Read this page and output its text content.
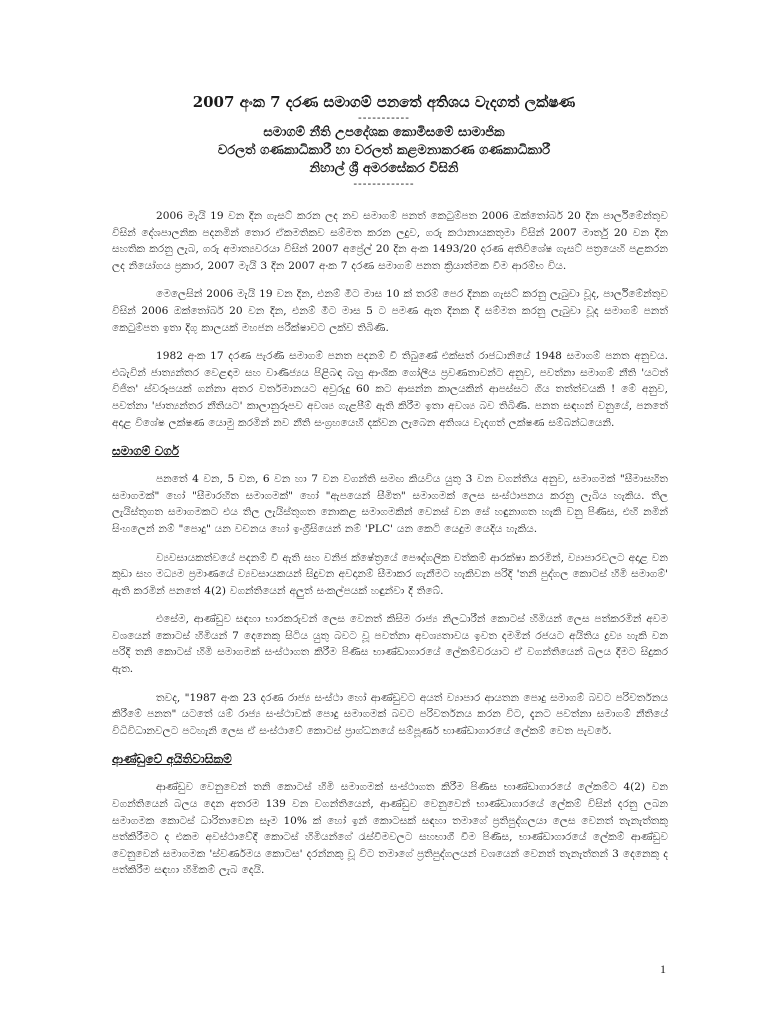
2007 අංක 7 දරණ සමාගම් පනතේ අතිශය වැදගත් ලක්ෂණ

-----------

සමාගම් නීති උපදේශක කොමිසමේ සාමාජික

වරලත් ගණකාධිකාරී හා වරලත් කළමනාකරණ ගණකාධිකාරී

නිහාල් ශ්‍රී අමරසේකර විසිනි

-------------

2006 මැයි 19 වන දින ගැසට් කරන ලද නව සමාගම් පනත් කෙටුම්පත 2006 ඔක්තෝබර් 20 දින පාර්ලිමේන්තුව විසින් දේශපාලනික පදනමින් තොර ඒකමතිකව සම්මත කරන ලදුව, ගරු කථානායකතුමා විසින් 2007 මාර්තු 20 වන දින සහතික කරනු ලැබ, ගරු අමාත්‍යවරයා විසින් 2007 අප්‍රේල් 20 දින අංක 1493/20 දරණ අතිවිශේෂ ගැසට් පත්‍රයෙහි පළකරන ලද නියෝගය ප්‍රකාර, 2007 මැයි 3 දින 2007 අංක 7 දරණ සමාගම් පනත ක්‍රියාත්මක වීම ආරම්භ විය.

මෙලෙසින් 2006 මැයි 19 වන දින, එනම් මීට මාස 10 ක් තරම් පෙර දිනක ගැසට් කරනු ලැබුවා වූද, පාර්ලිමේන්තුව විසින් 2006 ඔක්තෝබර් 20 වන දින, එනම් මීට මාස 5 ට පමණ ඇත දිනක දී සම්මත කරනු ලැබුවා වූද සමාගම් පනත් කෙටුම්පත ඉතා දිගු කාලයක් මහජන පරීක්ෂාවට ලක්ව තිබිණි.

1982 අංක 17 දරණ පැරණි සමාගම් පනත පදනම් වී තිබුණේ එක්සත් රාජධානියේ 1948 සමාගම් පනත අනුවය. එබැවින් ජාත්‍යන්තර වෙළඳාම සහ වාණිජ්‍යය පිළිබඳ බහු ආංශික ගෝලීය ප්‍රවණතාවන්ට අනුව, පවත්නා සමාගම් නීති 'යටත් විජිත' ස්වරූපයක් ගන්නා අතර වර්තමානයට අවුරුදු 60 කට ආසන්න කාලයකින් ආපස්සට ගිය තත්ත්වයකි ! මේ අනුව, පවත්නා 'ජාත්‍යන්තර නීතියට' කාලානුරූපව අවශ්‍ය ගැළපීම් ඇති කිරීම ඉතා අවශ්‍ය බව තිබිණි. පනත සඳහන් වනුයේ, පනතේ අදාළ විශේෂ ලක්ෂණ යොමු කරමින් නව නීති සංග්‍රහයෙහි දක්වන ලැබෙන අතිශය වැදගත් ලක්ෂණ සම්බන්ධයෙනි.

සමාගම් වර්ග

පනතේ 4 වන, 5 වන, 6 වන හා 7 වන වගන්ති සමඟ කියවිය යුතු 3 වන වගන්තිය අනුව, සමාගමක් "සීමාසහිත සමාගමක්" හෝ "සීමාරහිත සමාගමක්" හෝ "ඇපයෙන් සීමිත" සමාගමක් ලෙස සංස්ථාපනය කරනු ලැබිය හැකිය. තිල ලැයිස්තුගත සමාගමකට එය තිල ලැයිස්තුගත නොකළ සමාගමකින් වෙනස් වන සේ හඳුනාගත හැකි වනු පිණිස, එහි නමින් සිංහලෙන් නම් "පොදු" යන වචනය හෝ ඉංග්‍රීසියෙන් නම් 'PLC' යන කෙටි යෙදුම යෙදිය හැකිය.

ව්‍යවසායකත්වයේ පදනම් වී ඇති සහ වනිජ ක්ෂේත්‍රයේ පෞද්ගලික වත්කම් ආරක්ෂා කරමින්, ව්‍යාපාරවලට අදාළ වන කුඩා සහ මධ්‍යම ප්‍රමාණයේ ව්‍යවසායකයන් සිදුවන අවදානම් සීමාකර ගැනීමට හැකිවන පරිදි 'තනි පුද්ගල කොටස් හිමි සමාගම්' ඇති කරමින් පනතේ 4(2) වගන්තියෙන් අලුත් සංකල්පයක් හඳුන්වා දී තිබේ.

එසේම, ආණ්ඩුව සඳහා භාරකරුවන් ලෙස වෙනත් කිසිම රාජ්‍ය නිලධාරීන් කොටස් හිමියන් ලෙස පත්කරමින් අවම වශයෙන් කොටස් හිමියන් 7 දෙනෙකු සිටිය යුතු බවට වූ පවත්නා අවශ්‍යතාවය ඉවත දමමින් රජයට අයිතිය ද්‍රව්‍ය හැකි වන පරිදි තනි කොටස් හිමි සමාගමක් සංස්ථාගත කිරීම පිණිස භාණ්ඩාගාරයේ ලේකම්වරයාට ඒ වගන්තියෙන් බලය දීමට සිදුකර ඇත.

තවද, "1987 අංක 23 දරණ රාජ්‍ය සංස්ථා හෝ ආණ්ඩුවට අයත් ව්‍යාපාර ආයතන පොදු සමාගම් බවට පරිවර්තනය කිරීමේ පනත" යටතේ යම් රාජ්‍ය සංස්ථාවක් පොදු සමාගමක් බවට පරිවර්තනය කරන විට, දැනට පවත්නා සමාගම් නීතියේ විධිවිධානවලට පටහැනි ලෙස ඒ සංස්ථාවේ කොටස් ප්‍රාග්ධනයේ සම්පූර්ණ භාණ්ඩාගාරයේ ලේකම් වෙත පැවරේ.

ආණ්ඩුවේ අයිතිවාසිකම්

ආණ්ඩුව වෙනුවෙන් තනි කොටස් හිමි සමාගමක් සංස්ථාගත කිරීම පිණිස භාණ්ඩාගාරයේ ලේකම්ට 4(2) වන වගන්තියෙන් බලය දෙන අතරම 139 වන වගන්තියෙන්, ආණ්ඩුව වෙනුවෙන් භාණ්ඩාගාරයේ ලේකම් විසින් දරනු ලබන සමාගමක කොටස් ධාරිතාවෙන සෑම 10% ක් හෝ ඉන් කොටසක් සඳහා තමාගේ ප්‍රතිපුද්ගලයා ලෙස වෙනත් තැනැත්තකු පත්කිරීමට ද එකම අවස්ථාවේදී කොටස් හිමියන්ගේ රැස්වීමවලට සහභාගී වීම පිණිස, භාණ්ඩාගාරයේ ලේකම් ආණ්ඩුව වෙනුවෙන් සමාගමක 'ස්වර්ණමය කොටස' දරන්නකු වූ විට තමාගේ ප්‍රතිපුද්ගලයන් වශයෙන් වෙනත් තැනැත්තන් 3 දෙනෙකු ද පත්කිරීම සඳහා හිමිකම් ලැබ දෙයි.

1
